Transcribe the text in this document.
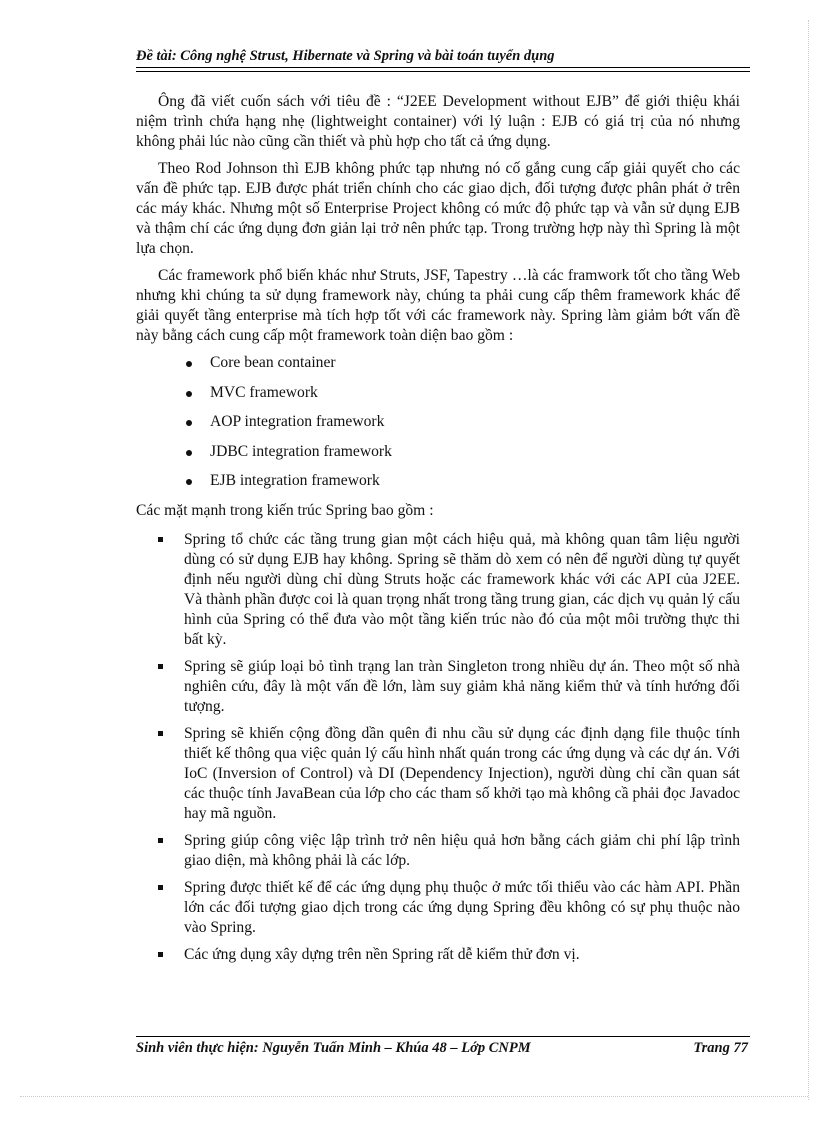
Đề tài: Công nghệ Strust, Hibernate và Spring và bài toán tuyển dụng

Ông đã viết cuốn sách với tiêu đề : “J2EE Development without EJB” để giới thiệu khái niệm trình chứa hạng nhẹ (lightweight container) với lý luận : EJB có giá trị của nó nhưng không phải lúc nào cũng cần thiết và phù hợp cho tất cả ứng dụng.

Theo Rod Johnson thì EJB không phức tạp nhưng nó cố gắng cung cấp giải quyết cho các vấn đề phức tạp. EJB được phát triển chính cho các giao dịch, đối tượng được phân phát ở trên các máy khác. Nhưng một số Enterprise Project không có mức độ phức tạp và vẫn sử dụng EJB và thậm chí các ứng dụng đơn giản lại trở nên phức tạp. Trong trường hợp này thì Spring là một lựa chọn.

Các framework phổ biến khác như Struts, JSF, Tapestry …là các framwork tốt cho tầng Web nhưng khi chúng ta sử dụng framework này, chúng ta phải cung cấp thêm framework khác để giải quyết tầng enterprise mà tích hợp tốt với các framework này. Spring làm giảm bớt vấn đề này bằng cách cung cấp một framework toàn diện bao gồm :

Core bean container
MVC framework
AOP integration framework
JDBC integration framework
EJB integration framework

Các mặt mạnh trong kiến trúc Spring bao gồm :

Spring tổ chức các tầng trung gian một cách hiệu quả, mà không quan tâm liệu người dùng có sử dụng EJB hay không. Spring sẽ thăm dò xem có nên để người dùng tự quyết định nếu người dùng chỉ dùng Struts hoặc các framework khác với các API của J2EE. Và thành phần được coi là quan trọng nhất trong tầng trung gian, các dịch vụ quản lý cấu hình của Spring có thể đưa vào một tầng kiến trúc nào đó của một môi trường thực thi bất kỳ.
Spring sẽ giúp loại bỏ tình trạng lan tràn Singleton trong nhiều dự án. Theo một số nhà nghiên cứu, đây là một vấn đề lớn, làm suy giảm khả năng kiểm thử và tính hướng đối tượng.
Spring sẽ khiến cộng đồng dần quên đi nhu cầu sử dụng các định dạng file thuộc tính thiết kế thông qua việc quản lý cấu hình nhất quán trong các ứng dụng và các dự án. Với IoC (Inversion of Control) và DI (Dependency Injection), người dùng chỉ cần quan sát các thuộc tính JavaBean của lớp cho các tham số khởi tạo mà không cầ phải đọc Javadoc hay mã nguồn.
Spring giúp công việc lập trình trở nên hiệu quả hơn bằng cách giảm chi phí lập trình giao diện, mà không phải là các lớp.
Spring được thiết kế để các ứng dụng phụ thuộc ở mức tối thiểu vào các hàm API. Phần lớn các đối tượng giao dịch trong các ứng dụng Spring đều không có sự phụ thuộc nào vào Spring.
Các ứng dụng xây dựng trên nền Spring rất dễ kiểm thử đơn vị.
Sinh viên thực hiện: Nguyễn Tuấn Minh – Khúa 48 – Lớp CNPM	Trang 77
